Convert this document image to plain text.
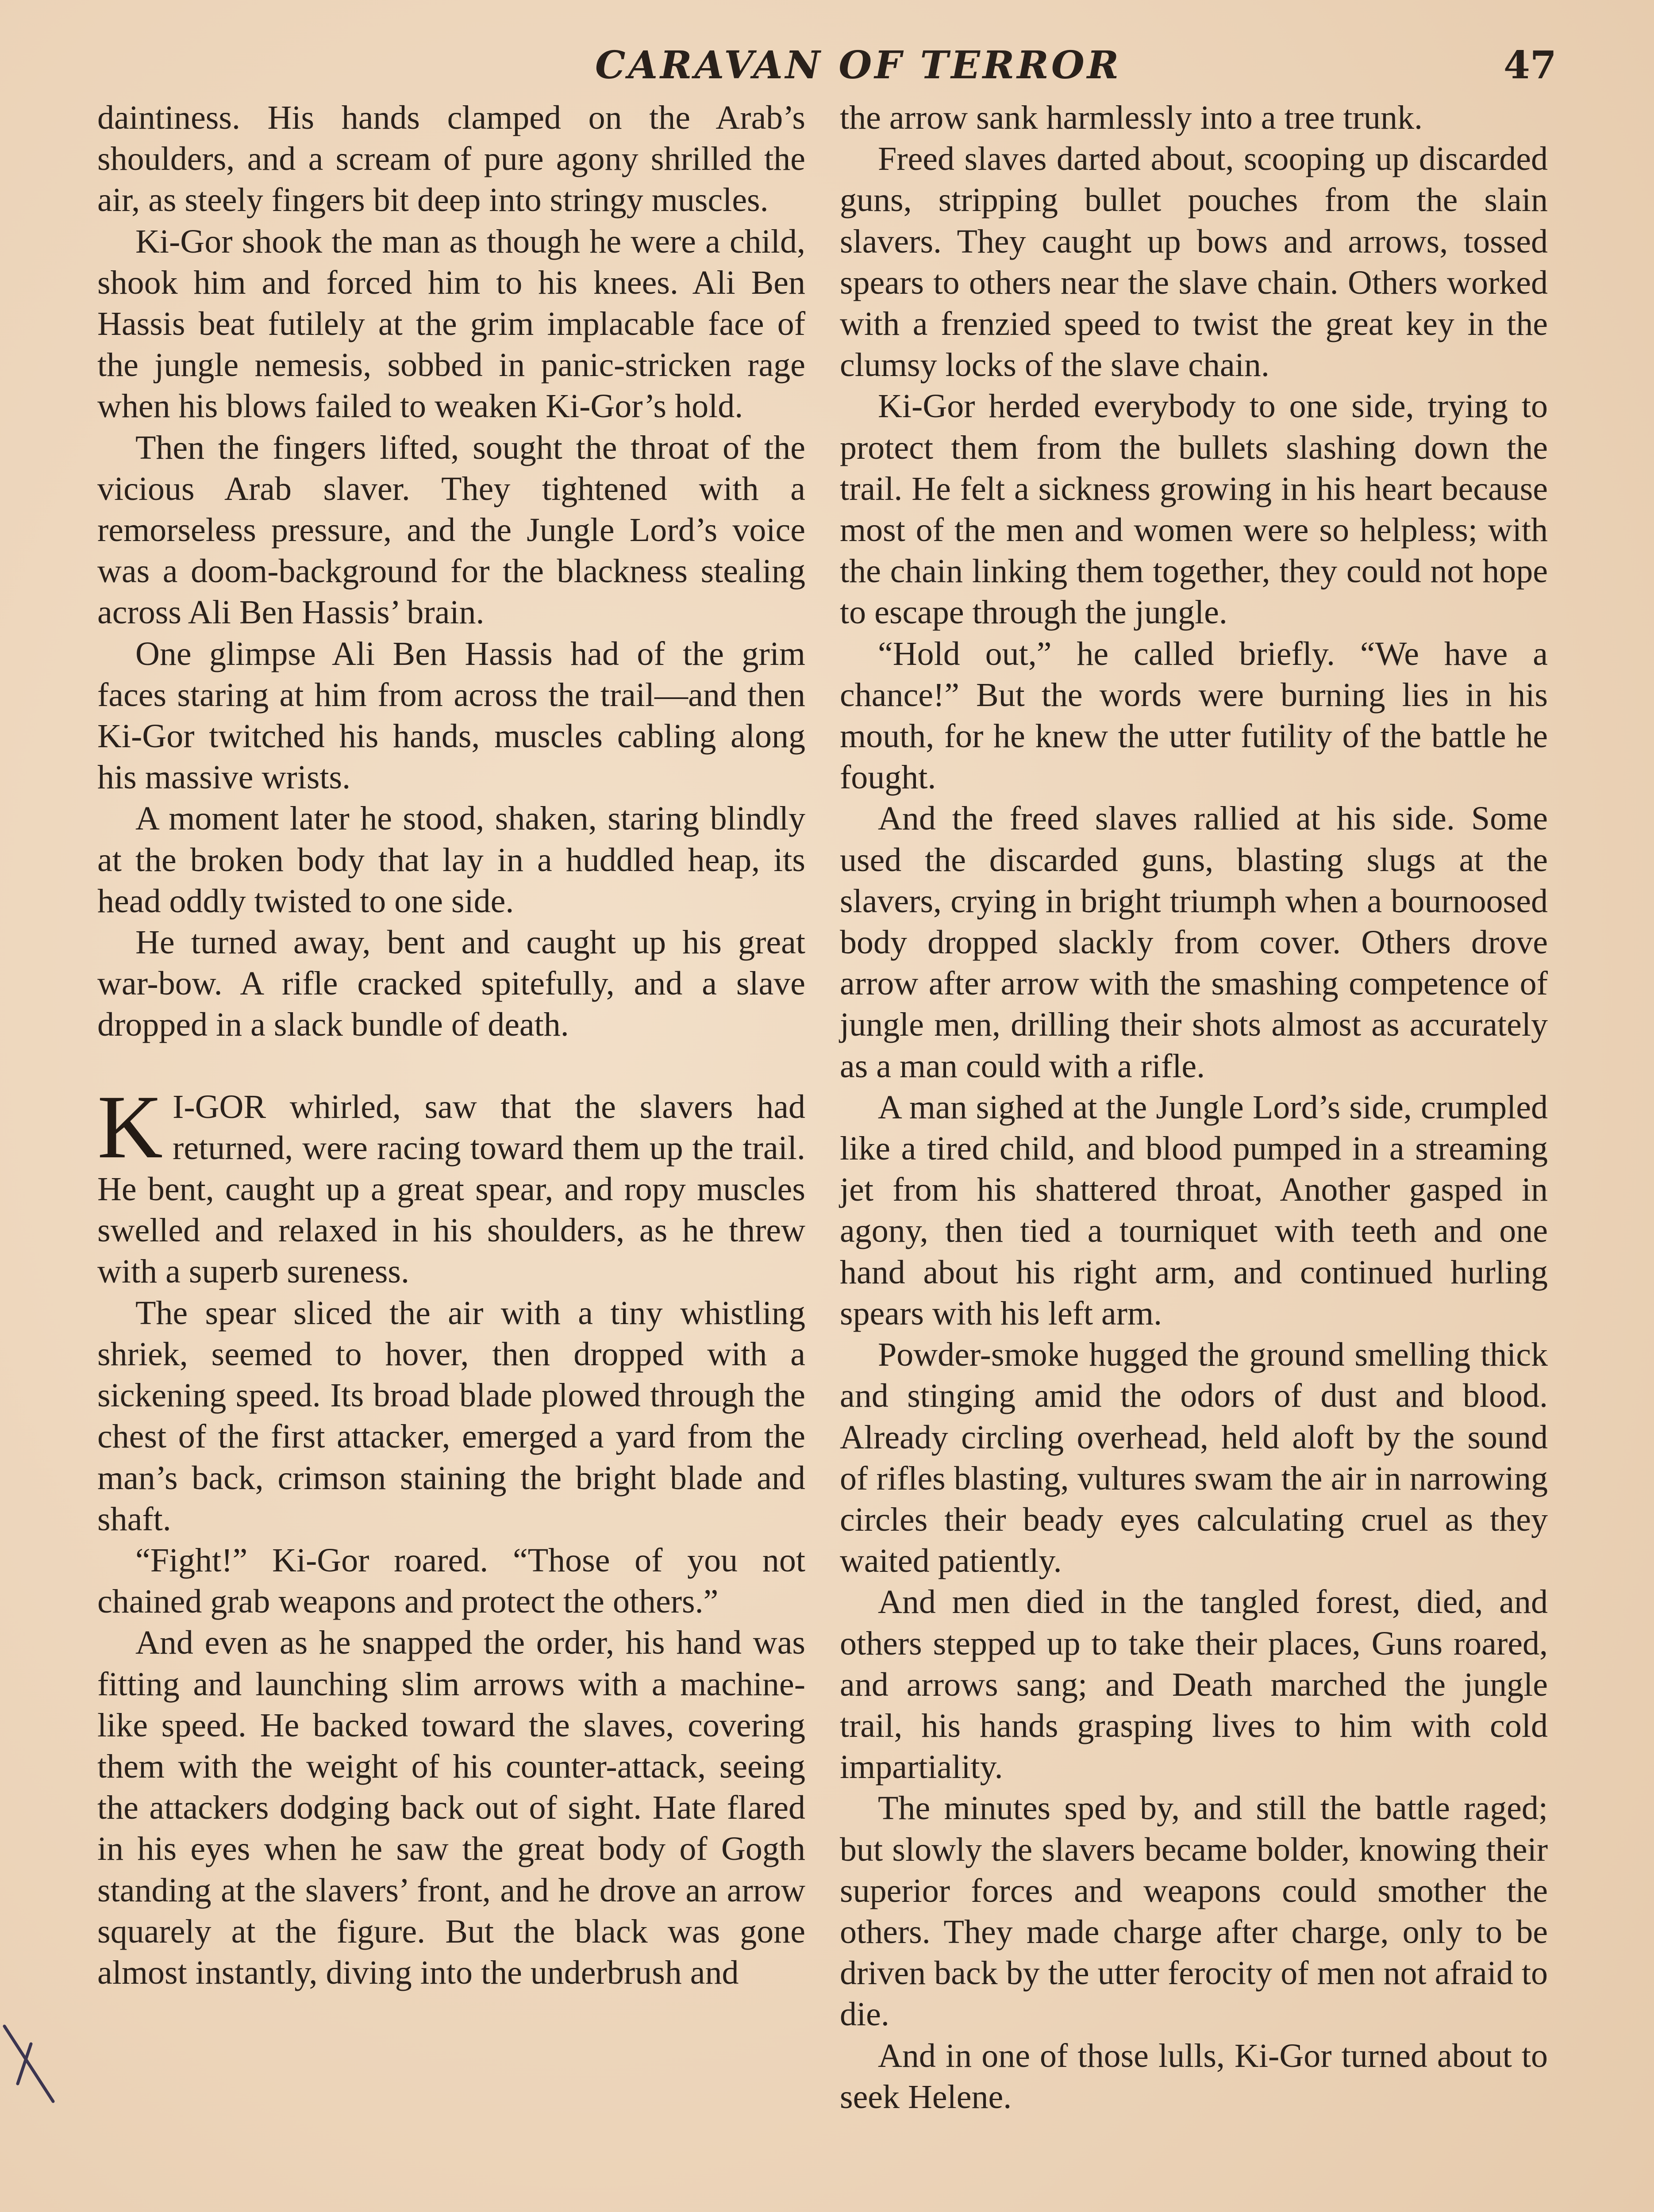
CARAVAN OF TERROR	47

daintiness. His hands clamped on the Arab’s shoulders, and a scream of pure agony shrilled the air, as steely fingers bit deep into stringy muscles.

Ki-Gor shook the man as though he were a child, shook him and forced him to his knees. Ali Ben Hassis beat futilely at the grim implacable face of the jungle nemesis, sobbed in panic-stricken rage when his blows failed to weaken Ki-Gor’s hold.

Then the fingers lifted, sought the throat of the vicious Arab slaver. They tightened with a remorseless pressure, and the Jungle Lord’s voice was a doom-background for the blackness stealing across Ali Ben Hassis’ brain.

One glimpse Ali Ben Hassis had of the grim faces staring at him from across the trail—and then Ki-Gor twitched his hands, muscles cabling along his massive wrists.

A moment later he stood, shaken, staring blindly at the broken body that lay in a huddled heap, its head oddly twisted to one side.

He turned away, bent and caught up his great war-bow. A rifle cracked spitefully, and a slave dropped in a slack bundle of death.

K I-GOR whirled, saw that the slavers had returned, were racing toward them up the trail. He bent, caught up a great spear, and ropy muscles swelled and relaxed in his shoulders, as he threw with a superb sureness.

The spear sliced the air with a tiny whistling shriek, seemed to hover, then dropped with a sickening speed. Its broad blade plowed through the chest of the first attacker, emerged a yard from the man’s back, crimson staining the bright blade and shaft.

“Fight!” Ki-Gor roared. “Those of you not chained grab weapons and protect the others.”

And even as he snapped the order, his hand was fitting and launching slim arrows with a machine-like speed. He backed toward the slaves, covering them with the weight of his counter-attack, seeing the attackers dodging back out of sight. Hate flared in his eyes when he saw the great body of Gogth standing at the slavers’ front, and he drove an arrow squarely at the figure. But the black was gone almost instantly, diving into the underbrush and

the arrow sank harmlessly into a tree trunk.

Freed slaves darted about, scooping up discarded guns, stripping bullet pouches from the slain slavers. They caught up bows and arrows, tossed spears to others near the slave chain. Others worked with a frenzied speed to twist the great key in the clumsy locks of the slave chain.

Ki-Gor herded everybody to one side, trying to protect them from the bullets slashing down the trail. He felt a sickness growing in his heart because most of the men and women were so helpless; with the chain linking them together, they could not hope to escape through the jungle.

“Hold out,” he called briefly. “We have a chance!” But the words were burning lies in his mouth, for he knew the utter futility of the battle he fought.

And the freed slaves rallied at his side. Some used the discarded guns, blasting slugs at the slavers, crying in bright triumph when a bournoosed body dropped slackly from cover. Others drove arrow after arrow with the smashing competence of jungle men, drilling their shots almost as accurately as a man could with a rifle.

A man sighed at the Jungle Lord’s side, crumpled like a tired child, and blood pumped in a streaming jet from his shattered throat, Another gasped in agony, then tied a tourniquet with teeth and one hand about his right arm, and continued hurling spears with his left arm.

Powder-smoke hugged the ground smelling thick and stinging amid the odors of dust and blood. Already circling overhead, held aloft by the sound of rifles blasting, vultures swam the air in narrowing circles their beady eyes calculating cruel as they waited patiently.

And men died in the tangled forest, died, and others stepped up to take their places, Guns roared, and arrows sang; and Death marched the jungle trail, his hands grasping lives to him with cold impartiality.

The minutes sped by, and still the battle raged; but slowly the slavers became bolder, knowing their superior forces and weapons could smother the others. They made charge after charge, only to be driven back by the utter ferocity of men not afraid to die.

And in one of those lulls, Ki-Gor turned about to seek Helene.
